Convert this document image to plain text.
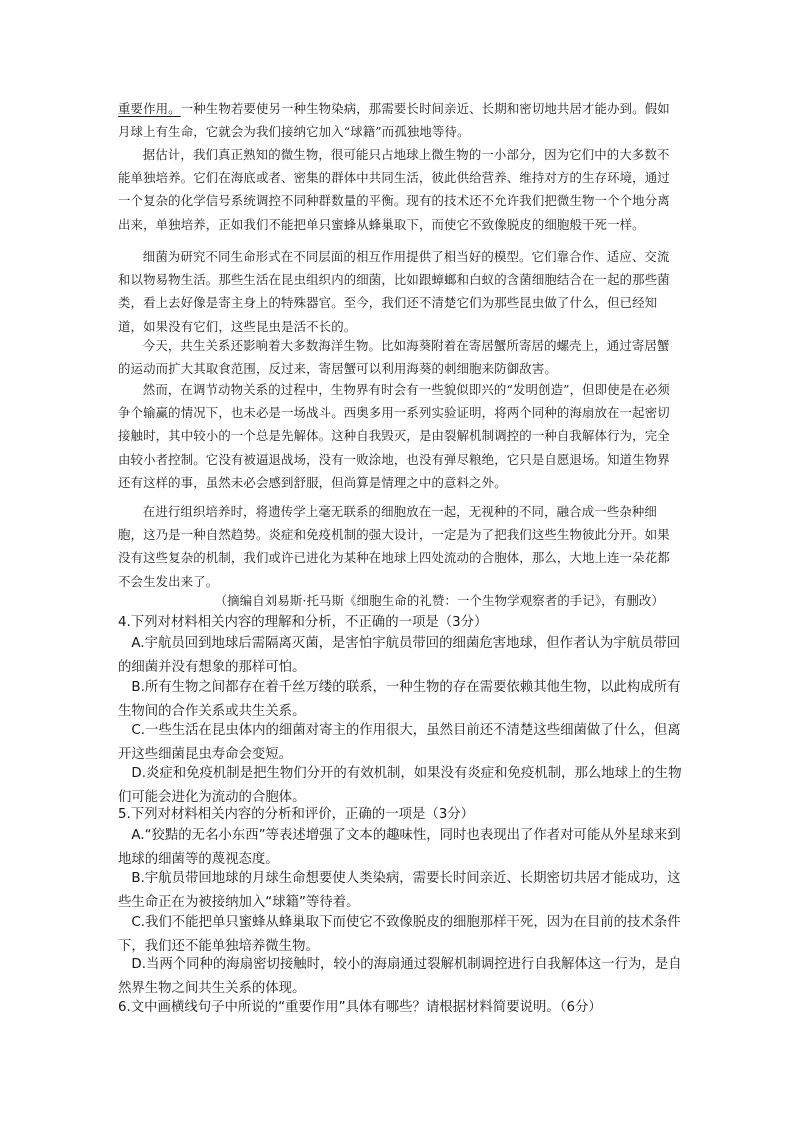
重要作用。一种生物若要使另一种生物染病，那需要长时间亲近、长期和密切地共居才能办到。假如月球上有生命，它就会为我们接纳它加入“球籍”而孤独地等待。

据估计，我们真正熟知的微生物，很可能只占地球上微生物的一小部分，因为它们中的大多数不能单独培养。它们在海底或者、密集的群体中共同生活，彼此供给营养、维持对方的生存环境，通过一个复杂的化学信号系统调控不同种群数量的平衡。现有的技术还不允许我们把微生物一个个地分离出来，单独培养，正如我们不能把单只蜜蜂从蜂巢取下，而使它不致像脱皮的细胞般干死一样。

细菌为研究不同生命形式在不同层面的相互作用提供了相当好的模型。它们靠合作、适应、交流和以物易物生活。那些生活在昆虫组织内的细菌，比如跟蟑螂和白蚁的含菌细胞结合在一起的那些菌类，看上去好像是寄主身上的特殊器官。至今，我们还不清楚它们为那些昆虫做了什么，但已经知道，如果没有它们，这些昆虫是活不长的。

今天，共生关系还影响着大多数海洋生物。比如海葵附着在寄居蟹所寄居的螺壳上，通过寄居蟹的运动而扩大其取食范围，反过来，寄居蟹可以利用海葵的刺细胞来防御敌害。

然而，在调节动物关系的过程中，生物界有时会有一些貌似即兴的“发明创造”，但即使是在必须争个输赢的情况下，也未必是一场战斗。西奥多用一系列实验证明，将两个同种的海扇放在一起密切接触时，其中较小的一个总是先解体。这种自我毁灭，是由裂解机制调控的一种自我解体行为，完全由较小者控制。它没有被逼退战场，没有一败涂地，也没有弹尽粮绝，它只是自愿退场。知道生物界还有这样的事，虽然未必会感到舒服，但尚算是情理之中的意料之外。

在进行组织培养时，将遗传学上毫无联系的细胞放在一起，无视种的不同，融合成一些杂种细胞，这乃是一种自然趋势。炎症和免疫机制的强大设计，一定是为了把我们这些生物彼此分开。如果没有这些复杂的机制，我们或许已进化为某种在地球上四处流动的合胞体，那么，大地上连一朵花都不会生发出来了。

（摘编自刘易斯·托马斯《细胞生命的礼赞：一个生物学观察者的手记》，有删改）

4.下列对材料相关内容的理解和分析，不正确的一项是（3分）

A.宇航员回到地球后需隔离灭菌，是害怕宇航员带回的细菌危害地球，但作者认为宇航员带回的细菌并没有想象的那样可怕。

B.所有生物之间都存在着千丝万缕的联系，一种生物的存在需要依赖其他生物，以此构成所有生物间的合作关系或共生关系。

C.一些生活在昆虫体内的细菌对寄主的作用很大，虽然目前还不清楚这些细菌做了什么，但离开这些细菌昆虫寿命会变短。

D.炎症和免疫机制是把生物们分开的有效机制，如果没有炎症和免疫机制，那么地球上的生物们可能会进化为流动的合胞体。

5.下列对材料相关内容的分析和评价，正确的一项是（3分）

A.“狡黠的无名小东西”等表述增强了文本的趣味性，同时也表现出了作者对可能从外星球来到地球的细菌等的蔑视态度。

B.宇航员带回地球的月球生命想要使人类染病，需要长时间亲近、长期密切共居才能成功，这些生命正在为被接纳加入“球籍”等待着。

C.我们不能把单只蜜蜂从蜂巢取下而使它不致像脱皮的细胞那样干死，因为在目前的技术条件下，我们还不能单独培养微生物。

D.当两个同种的海扇密切接触时，较小的海扇通过裂解机制调控进行自我解体这一行为，是自然界生物之间共生关系的体现。

6.文中画横线句子中所说的“重要作用”具体有哪些？请根据材料简要说明。（6分）
